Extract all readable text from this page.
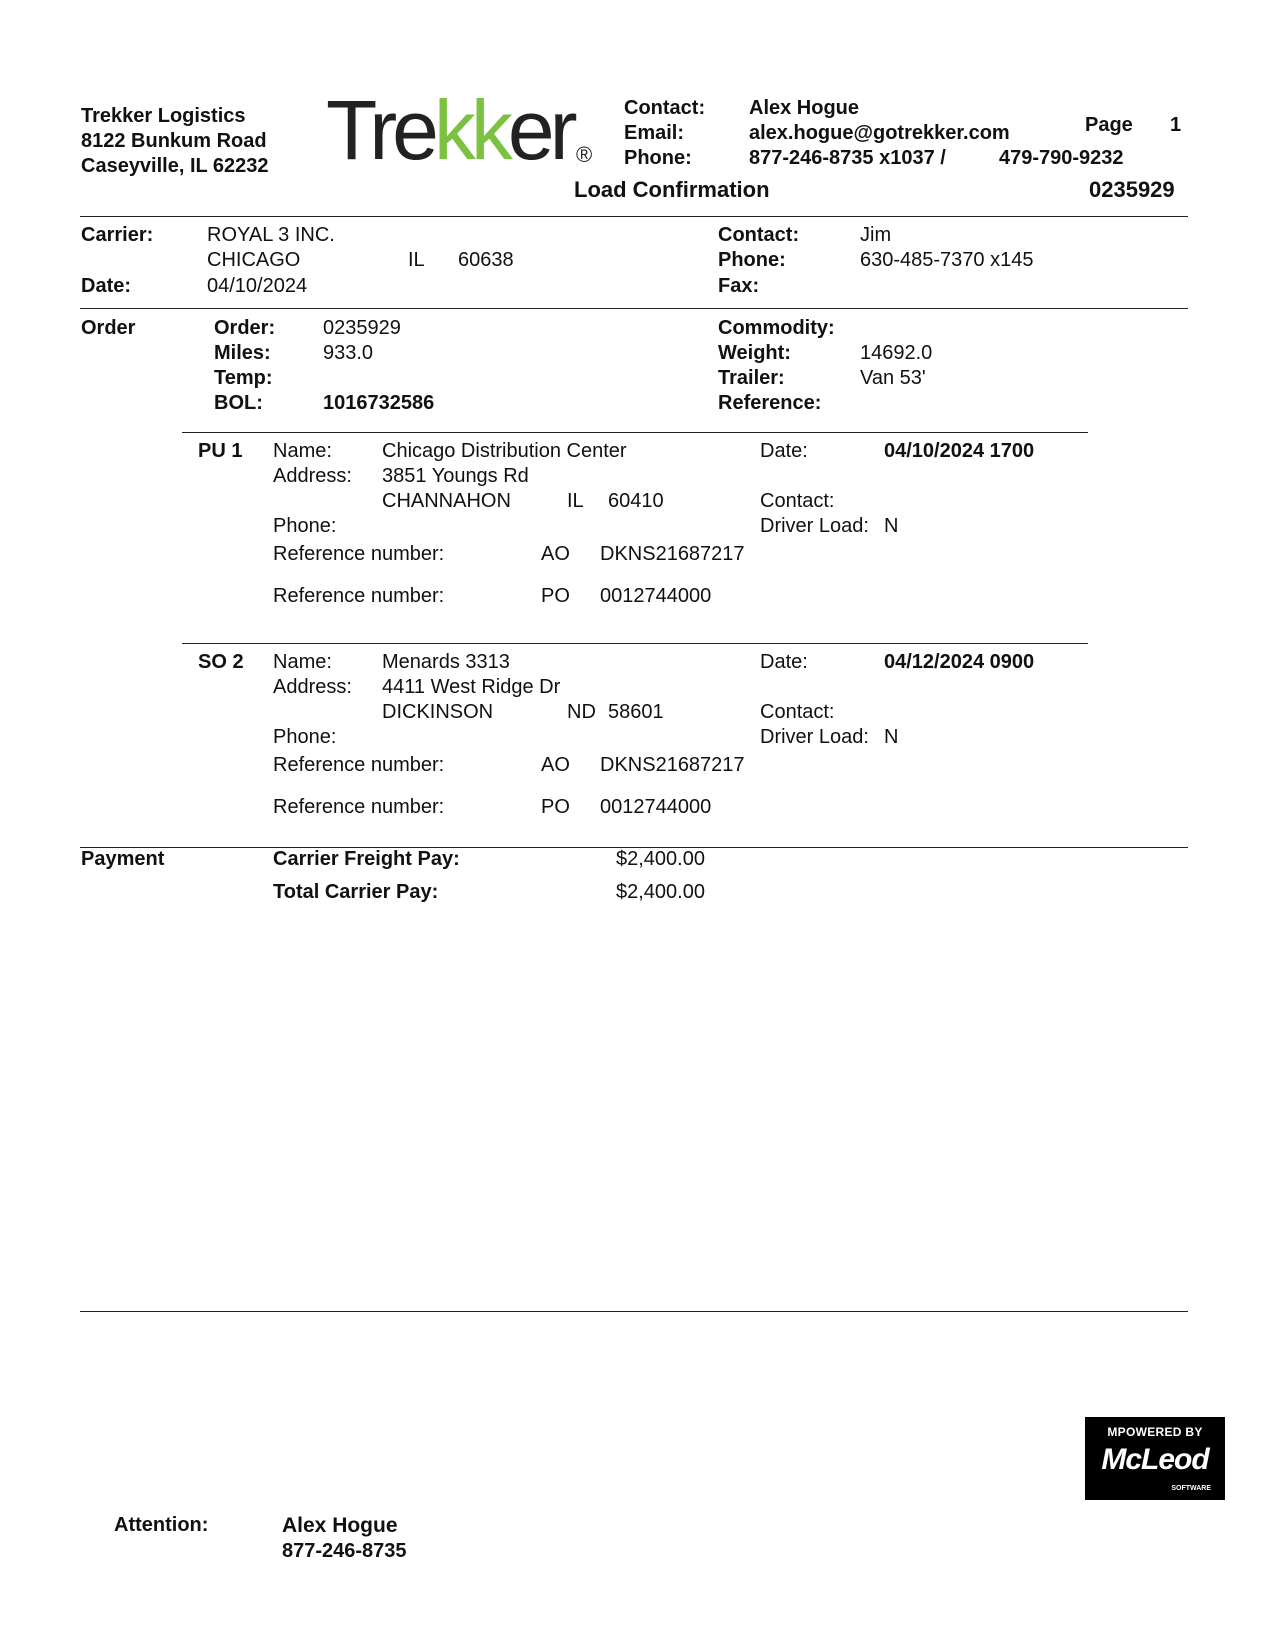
Trekker Logistics
8122 Bunkum Road
Caseyville, IL 62232 Trekker ®
Contact: Alex Hogue
Email:	alex.hogue@gotrekker.com
Phone:	877-246-8735 x1037 /	479-790-9232
Page 1
Load Confirmation	0235929
Carrier:	ROYAL 3 INC.
CHICAGO	IL 60638
Date:	04/10/2024
Contact:	Jim
Phone:	630-485-7370 x145
Fax:
Order	Order: 0235929
Miles:	933.0
Temp:
BOL:	1016732586
Commodity:
Weight:	14692.0
Trailer:	Van 53'
Reference:
PU 1 Name:	Chicago Distribution Center
Address: 3851 Youngs Rd
CHANNAHON	IL 60410
Phone:
Date:	04/10/2024 1700
Contact:
Driver Load: N
Reference number:	AO DKNS21687217
Reference number:	PO 0012744000
SO 2 Name:	Menards 3313
Address: 4411 West Ridge Dr
DICKINSON	ND 58601
Phone:
Date:	04/12/2024 0900
Contact:
Driver Load: N
Reference number:	AO DKNS21687217
Reference number:	PO 0012744000
Payment	Carrier Freight Pay:	$2,400.00
Total Carrier Pay:	$2,400.00
MPOWERED BY
McLeod
SOFTWARE
Attention:	Alex Hogue
877-246-8735
